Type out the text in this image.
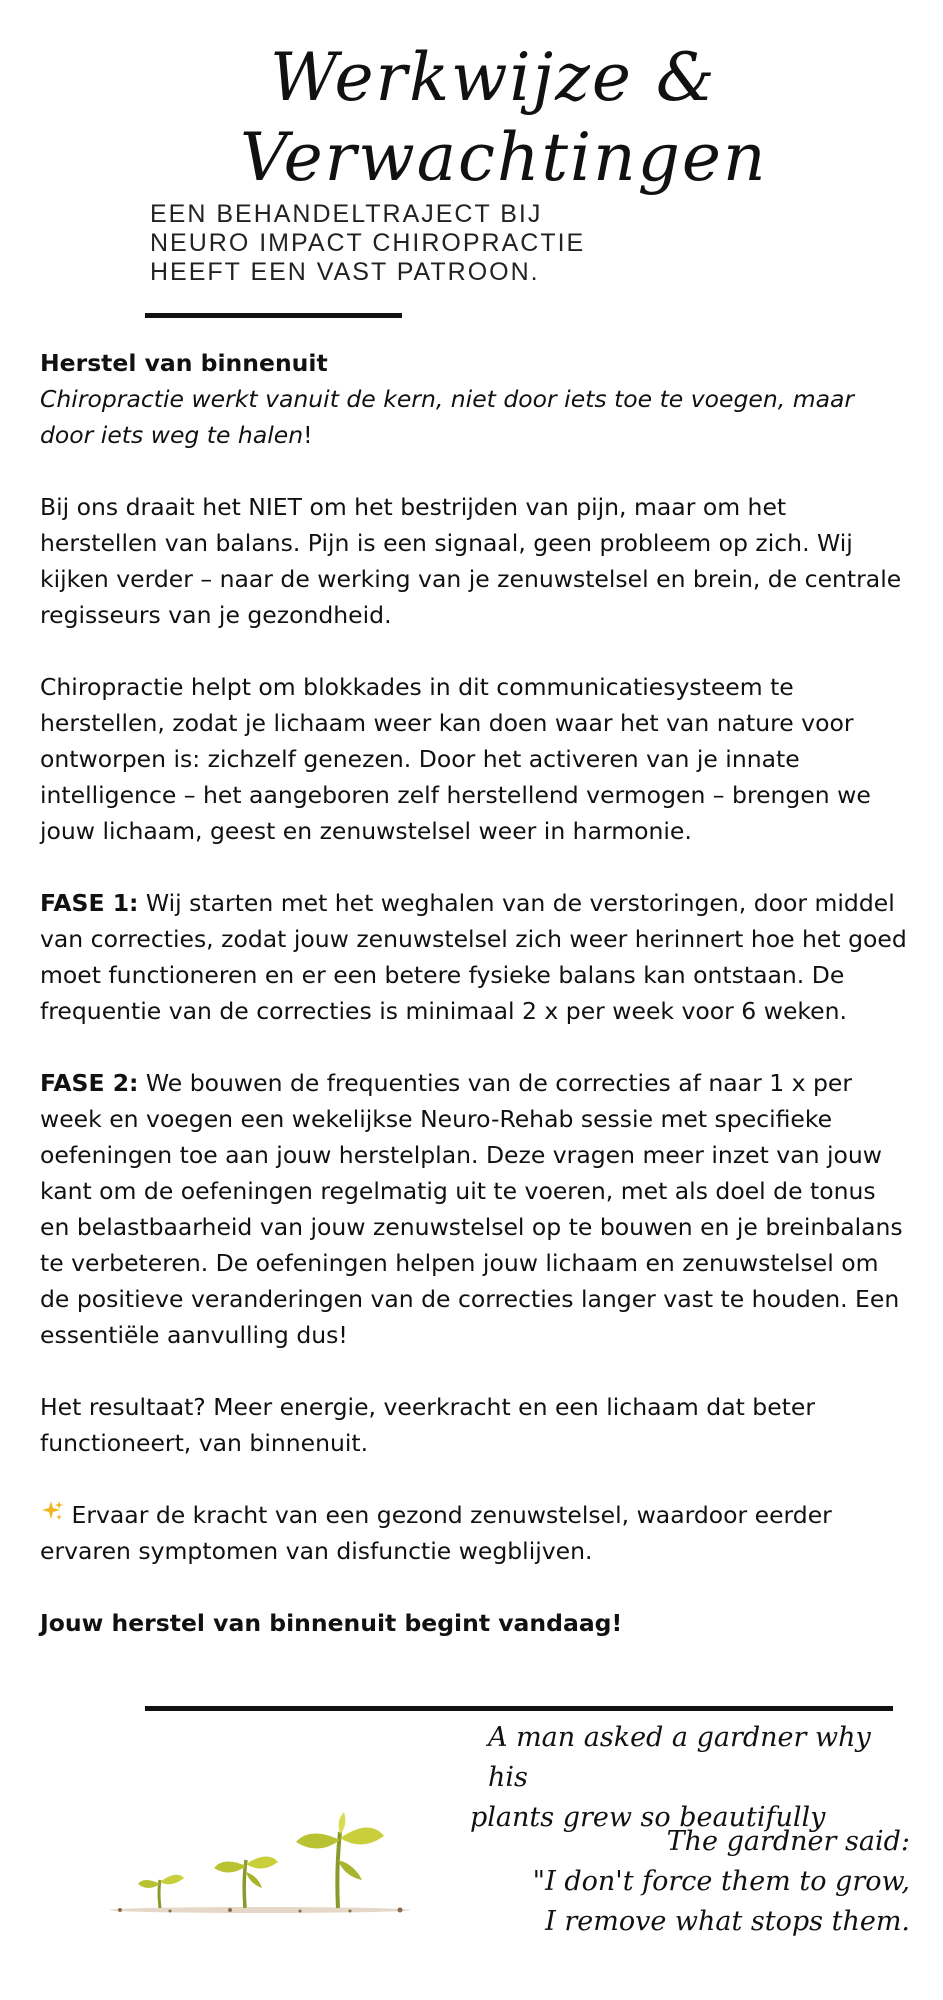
Werkwijze &
Verwachtingen
EEN BEHANDELTRAJECT BIJ
NEURO IMPACT CHIROPRACTIE
HEEFT EEN VAST PATROON.

Herstel van binnenuit
Chiropractie werkt vanuit de kern, niet door iets toe te voegen, maar door iets weg te halen!

Bij ons draait het NIET om het bestrijden van pijn, maar om het herstellen van balans. Pijn is een signaal, geen probleem op zich. Wij kijken verder – naar de werking van je zenuwstelsel en brein, de centrale regisseurs van je gezondheid.

Chiropractie helpt om blokkades in dit communicatiesysteem te herstellen, zodat je lichaam weer kan doen waar het van nature voor ontworpen is: zichzelf genezen. Door het activeren van je innate intelligence – het aangeboren zelf herstellend vermogen – brengen we jouw lichaam, geest en zenuwstelsel weer in harmonie.

FASE 1: Wij starten met het weghalen van de verstoringen, door middel van correcties, zodat jouw zenuwstelsel zich weer herinnert hoe het goed moet functioneren en er een betere fysieke balans kan ontstaan. De frequentie van de correcties is minimaal 2 x per week voor 6 weken.

FASE 2: We bouwen de frequenties van de correcties af naar 1 x per week en voegen een wekelijkse Neuro-Rehab sessie met specifieke oefeningen toe aan jouw herstelplan. Deze vragen meer inzet van jouw kant om de oefeningen regelmatig uit te voeren, met als doel de tonus en belastbaarheid van jouw zenuwstelsel op te bouwen en je breinbalans te verbeteren. De oefeningen helpen jouw lichaam en zenuwstelsel om de positieve veranderingen van de correcties langer vast te houden. Een essentiële aanvulling dus!

Het resultaat? Meer energie, veerkracht en een lichaam dat beter functioneert, van binnenuit.

Ervaar de kracht van een gezond zenuwstelsel, waardoor eerder ervaren symptomen van disfunctie wegblijven.

Jouw herstel van binnenuit begint vandaag!

A man asked a gardner why his
plants grew so beautifully
The gardner said:
"I don't force them to grow,
I remove what stops them.
